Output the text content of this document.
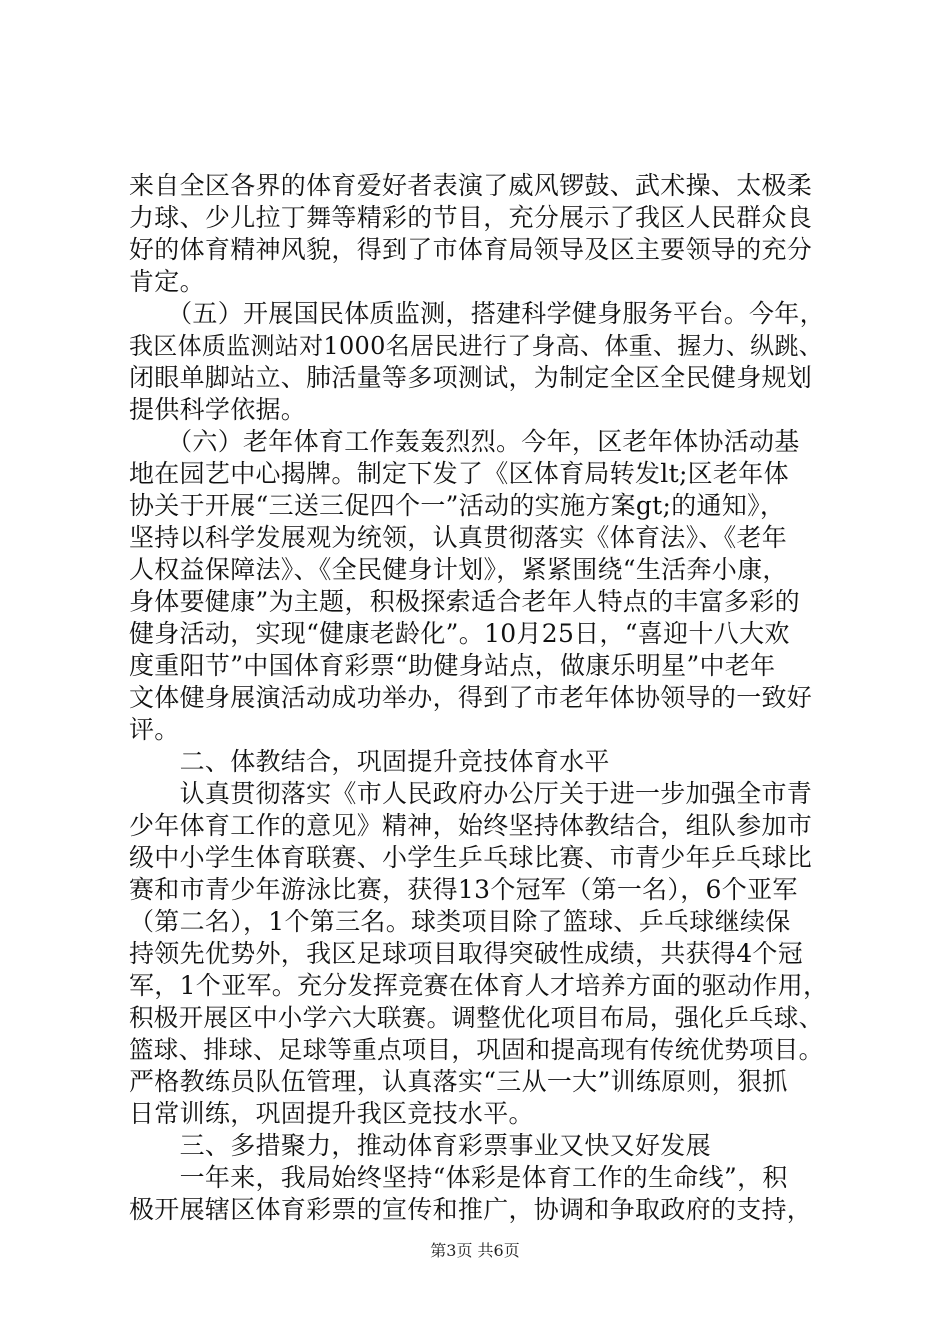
来自全区各界的体育爱好者表演了威风锣鼓、武术操、太极柔
力球、少儿拉丁舞等精彩的节目，充分展示了我区人民群众良
好的体育精神风貌，得到了市体育局领导及区主要领导的充分
肯定。
　　（五）开展国民体质监测，搭建科学健身服务平台。今年，
我区体质监测站对1000名居民进行了身高、体重、握力、纵跳、
闭眼单脚站立、肺活量等多项测试，为制定全区全民健身规划
提供科学依据。
　　（六）老年体育工作轰轰烈烈。今年，区老年体协活动基
地在园艺中心揭牌。制定下发了《区体育局转发lt;区老年体
协关于开展“三送三促四个一”活动的实施方案gt;的通知》，
坚持以科学发展观为统领，认真贯彻落实《体育法》、《老年
人权益保障法》、《全民健身计划》，紧紧围绕“生活奔小康，
身体要健康”为主题，积极探索适合老年人特点的丰富多彩的
健身活动，实现“健康老龄化”。10月25日，“喜迎十八大欢
度重阳节”中国体育彩票“助健身站点，做康乐明星”中老年
文体健身展演活动成功举办，得到了市老年体协领导的一致好
评。
　　二、体教结合，巩固提升竞技体育水平
　　认真贯彻落实《市人民政府办公厅关于进一步加强全市青
少年体育工作的意见》精神，始终坚持体教结合，组队参加市
级中小学生体育联赛、小学生乒乓球比赛、市青少年乒乓球比
赛和市青少年游泳比赛，获得13个冠军（第一名），6个亚军
（第二名），1个第三名。球类项目除了篮球、乒乓球继续保
持领先优势外，我区足球项目取得突破性成绩，共获得4个冠
军，1个亚军。充分发挥竞赛在体育人才培养方面的驱动作用，
积极开展区中小学六大联赛。调整优化项目布局，强化乒乓球、
篮球、排球、足球等重点项目，巩固和提高现有传统优势项目。
严格教练员队伍管理，认真落实“三从一大”训练原则，狠抓
日常训练，巩固提升我区竞技水平。
　　三、多措聚力，推动体育彩票事业又快又好发展
　　一年来，我局始终坚持“体彩是体育工作的生命线”，积
极开展辖区体育彩票的宣传和推广，协调和争取政府的支持，
第3页 共6页
